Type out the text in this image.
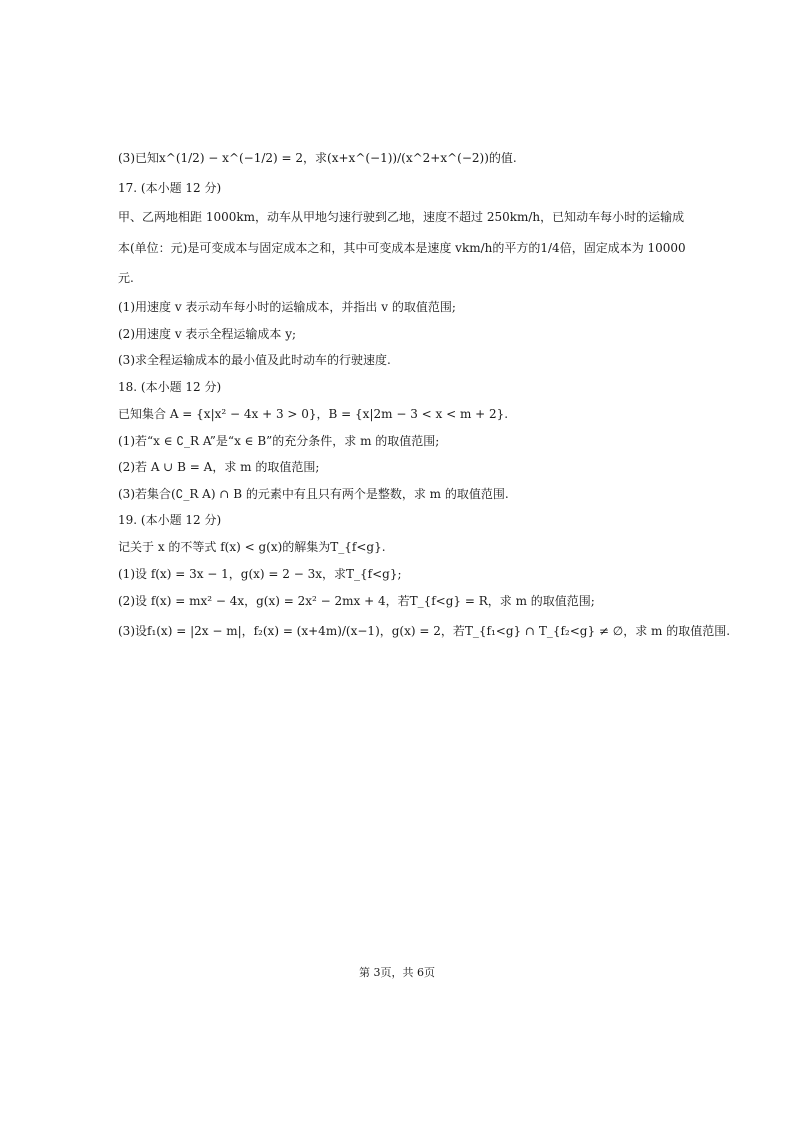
(3)已知x^(1/2) − x^(−1/2) = 2，求(x+x^(−1))/(x^2+x^(−2))的值.
17. (本小题 12 分)
甲、乙两地相距 1000km，动车从甲地匀速行驶到乙地，速度不超过 250km/h，已知动车每小时的运输成
本(单位：元)是可变成本与固定成本之和，其中可变成本是速度 vkm/h的平方的1/4倍，固定成本为 10000
元.
(1)用速度 v 表示动车每小时的运输成本，并指出 v 的取值范围;
(2)用速度 v 表示全程运输成本 y;
(3)求全程运输成本的最小值及此时动车的行驶速度.
18. (本小题 12 分)
已知集合 A = {x|x² − 4x + 3 > 0}，B = {x|2m − 3 < x < m + 2}.
(1)若“x ∈ ∁_R A”是“x ∈ B”的充分条件，求 m 的取值范围;
(2)若 A ∪ B = A，求 m 的取值范围;
(3)若集合(∁_R A) ∩ B 的元素中有且只有两个是整数，求 m 的取值范围.
19. (本小题 12 分)
记关于 x 的不等式 f(x) < g(x)的解集为T_{f<g}.
(1)设 f(x) = 3x − 1，g(x) = 2 − 3x，求T_{f<g};
(2)设 f(x) = mx² − 4x，g(x) = 2x² − 2mx + 4，若T_{f<g} = R，求 m 的取值范围;
(3)设f₁(x) = |2x − m|，f₂(x) = (x+4m)/(x−1)，g(x) = 2，若T_{f₁<g} ∩ T_{f₂<g} ≠ ∅，求 m 的取值范围.
第 3页，共 6页
